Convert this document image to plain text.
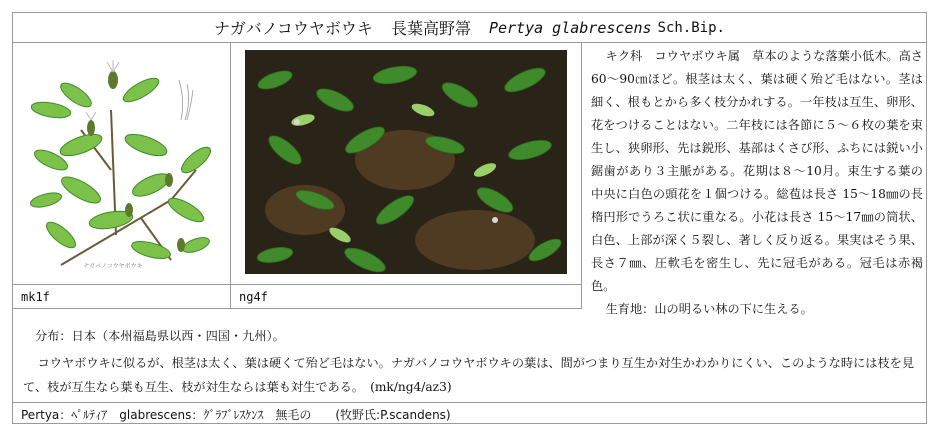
ナガバノコウヤボウキ 長葉高野箒 Pertya glabrescens Sch.Bip.
ナガバノコウヤボウキ
mk1f	ng4f

キク科　コウヤボウキ属　草本のような落葉小低木。高さ60～90㎝ほど。根茎は太く、葉は硬く殆ど毛はない。茎は細く、根もとから多く枝分かれする。一年枝は互生、卵形、花をつけることはない。二年枝には各節に５～６枚の葉を束生し、狭卵形、先は鋭形、基部はくさび形、ふちには鋭い小鋸歯があり３主脈がある。花期は８～10月。束生する葉の中央に白色の頭花を１個つける。総苞は長さ 15～18㎜の長楕円形でうろこ状に重なる。小花は長さ 15～17㎜の筒状、白色、上部が深く５裂し、著しく反り返る。果実はそう果、長さ７㎜、圧軟毛を密生し、先に冠毛がある。冠毛は赤褐色。

生育地：山の明るい林の下に生える。

分布：日本（本州福島県以西・四国・九州）。
コウヤボウキに似るが、根茎は太く、葉は硬くて殆ど毛はない。ナガバノコウヤボウキの葉は、間がつまり互生か対生かわかりにくい、このような時には枝を見て、枝が互生なら葉も互生、枝が対生ならは葉も対生である。　(mk/ng4/az3)
Pertya：ﾍﾟﾙﾃｨｱ　glabrescens：ｸﾞﾗﾌﾞﾚｽｹﾝｽ　無毛の　　(牧野氏:P.scandens)
